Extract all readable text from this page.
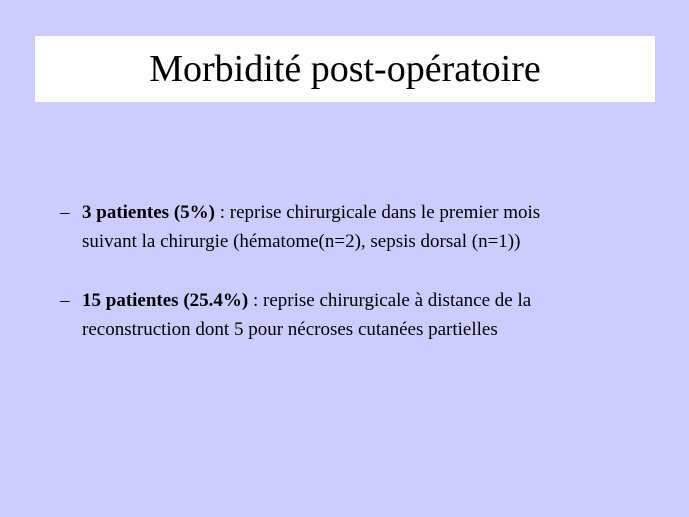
Morbidité post-opératoire
– 3 patientes (5%) : reprise chirurgicale dans le premier mois
suivant la chirurgie (hématome(n=2), sepsis dorsal (n=1))
– 15 patientes (25.4%) : reprise chirurgicale à distance de la
reconstruction dont 5 pour nécroses cutanées partielles
